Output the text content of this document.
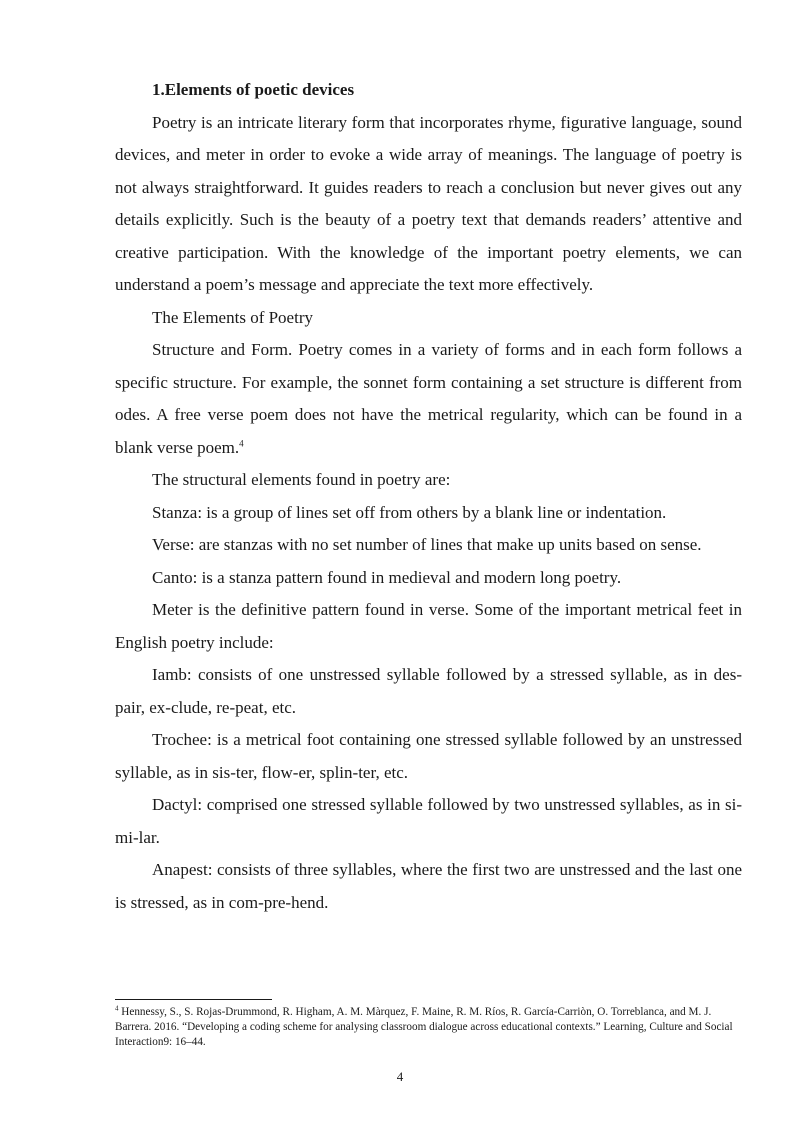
1.Elements of poetic devices

Poetry is an intricate literary form that incorporates rhyme, figurative language, sound devices, and meter in order to evoke a wide array of meanings. The language of poetry is not always straightforward. It guides readers to reach a conclusion but never gives out any details explicitly. Such is the beauty of a poetry text that demands readers’ attentive and creative participation. With the knowledge of the important poetry elements, we can understand a poem’s message and appreciate the text more effectively.

The Elements of Poetry

Structure and Form. Poetry comes in a variety of forms and in each form follows a specific structure. For example, the sonnet form containing a set structure is different from odes. A free verse poem does not have the metrical regularity, which can be found in a blank verse poem.$^4$

The structural elements found in poetry are:

Stanza: is a group of lines set off from others by a blank line or indentation.

Verse: are stanzas with no set number of lines that make up units based on sense.

Canto: is a stanza pattern found in medieval and modern long poetry.

Meter is the definitive pattern found in verse. Some of the important metrical feet in English poetry include:

Iamb: consists of one unstressed syllable followed by a stressed syllable, as in des-pair, ex-clude, re-peat, etc.

Trochee: is a metrical foot containing one stressed syllable followed by an unstressed syllable, as in sis-ter, flow-er, splin-ter, etc.

Dactyl: comprised one stressed syllable followed by two unstressed syllables, as in si-mi-lar.

Anapest: consists of three syllables, where the first two are unstressed and the last one is stressed, as in com-pre-hend.

$^4$ Hennessy, S., S. Rojas-Drummond, R. Higham, A. M. Màrquez, F. Maine, R. M. Ríos, R. García-Carriòn, O. Torreblanca, and M. J. Barrera. 2016. “Developing a coding scheme for analysing classroom dialogue across educational contexts.” Learning, Culture and Social Interaction9: 16–44.

4
